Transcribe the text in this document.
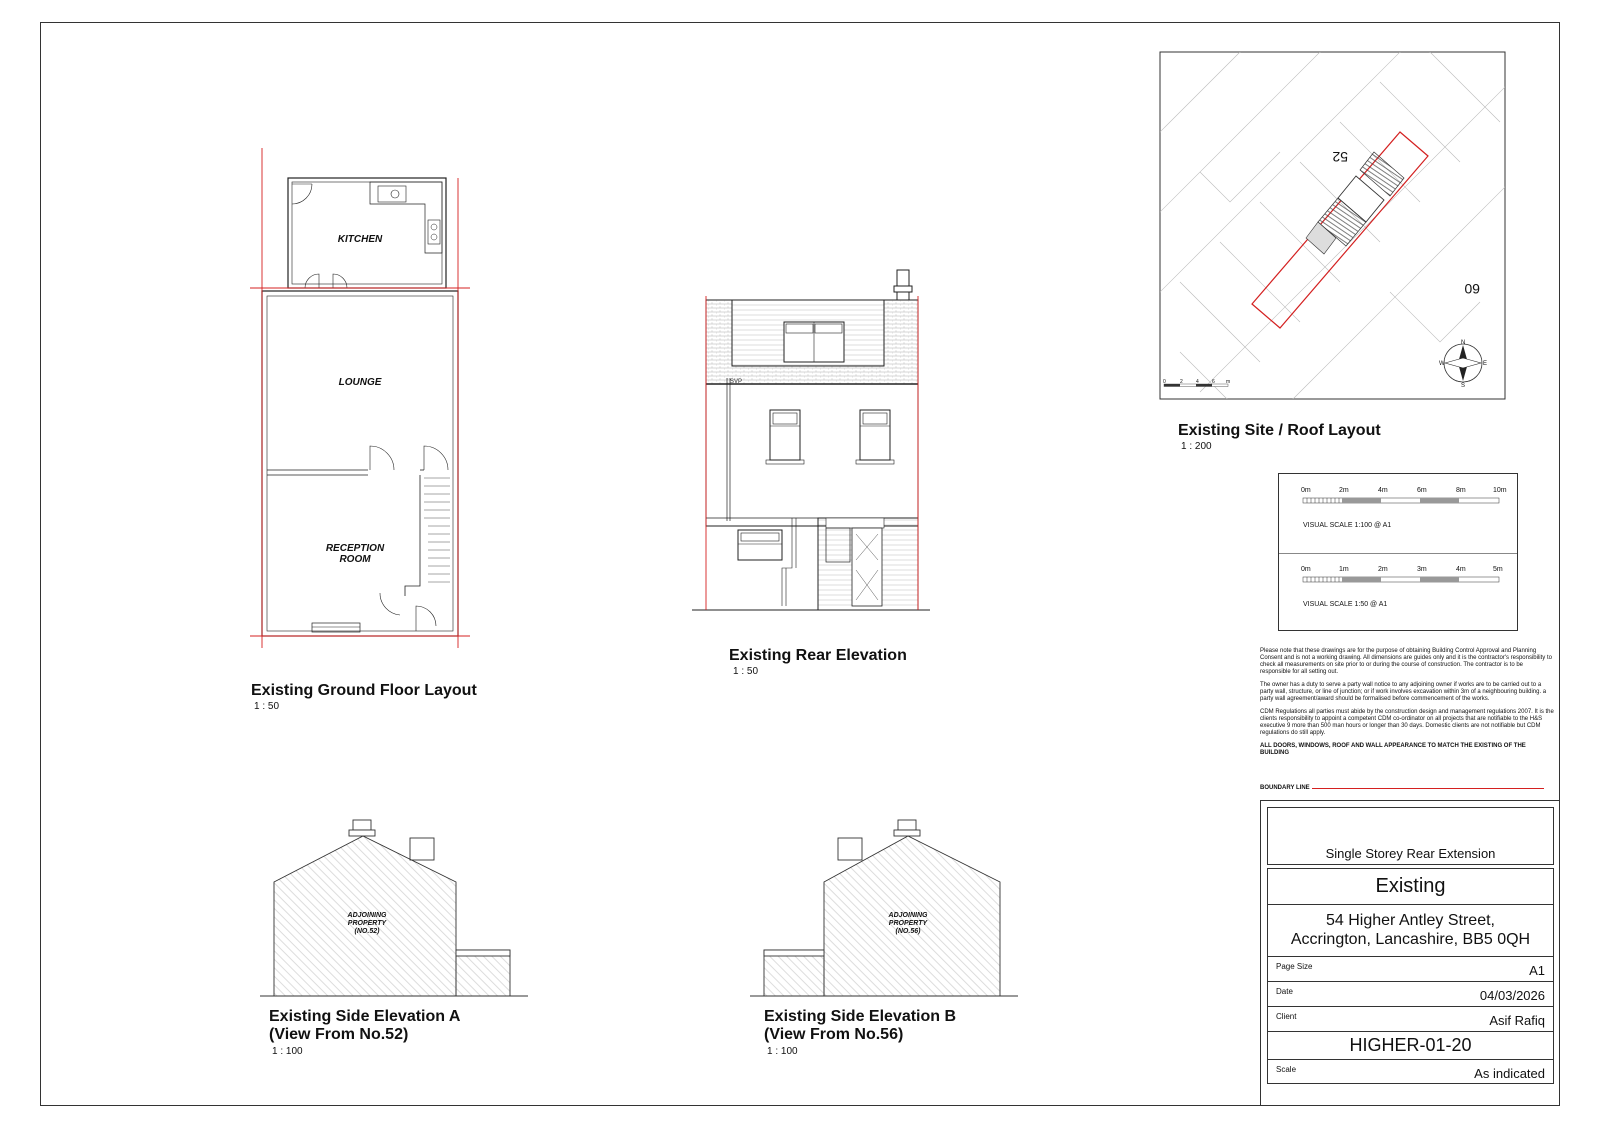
KITCHEN
LOUNGE
RECEPTION
ROOM
Existing Ground Floor Layout
1 : 50
SVP
Existing Rear Elevation
1 : 50
52
60
N
W	E
S
0	2	4	6 m
Existing Site / Roof Layout
1 : 200
0m	2m	4m	6m	8m	10m
VISUAL SCALE 1:100 @ A1
0m	1m	2m	3m	4m	5m
VISUAL SCALE 1:50 @ A1

Please note that these drawings are for the purpose of obtaining Building Control Approval and Planning Consent and is not a working drawing. All dimensions are guides only and it is the contractor's responsibility to check all measurements on site prior to or during the course of construction. The contractor is to be responsible for all setting out.

The owner has a duty to serve a party wall notice to any adjoining owner if works are to be carried out to a party wall, structure, or line of junction; or if work involves excavation within 3m of a neighbouring building. a party wall agreement/award should be formalised before commencement of the works.

CDM Regulations all parties must abide by the construction design and management regulations 2007. It is the clients responsibility to appoint a competent CDM co-ordinator on all projects that are notifiable to the H&S executive 9 more than 500 man hours or longer than 30 days. Domestic clients are not notifiable but CDM regulations do still apply.

ALL DOORS, WINDOWS, ROOF AND WALL APPEARANCE TO MATCH THE EXISTING OF THE BUILDING

BOUNDARY LINE
Single Storey Rear Extension
Existing
54 Higher Antley Street,
Accrington, Lancashire, BB5 0QH
Page Size	A1
Date	04/03/2026
Client	Asif Rafiq
HIGHER-01-20
Scale	As indicated
ADJOINING
PROPERTY
(NO.52)
Existing Side Elevation A
(View From No.52)
1 : 100
ADJOINING
PROPERTY
(NO.56)
Existing Side Elevation B
(View From No.56)
1 : 100
